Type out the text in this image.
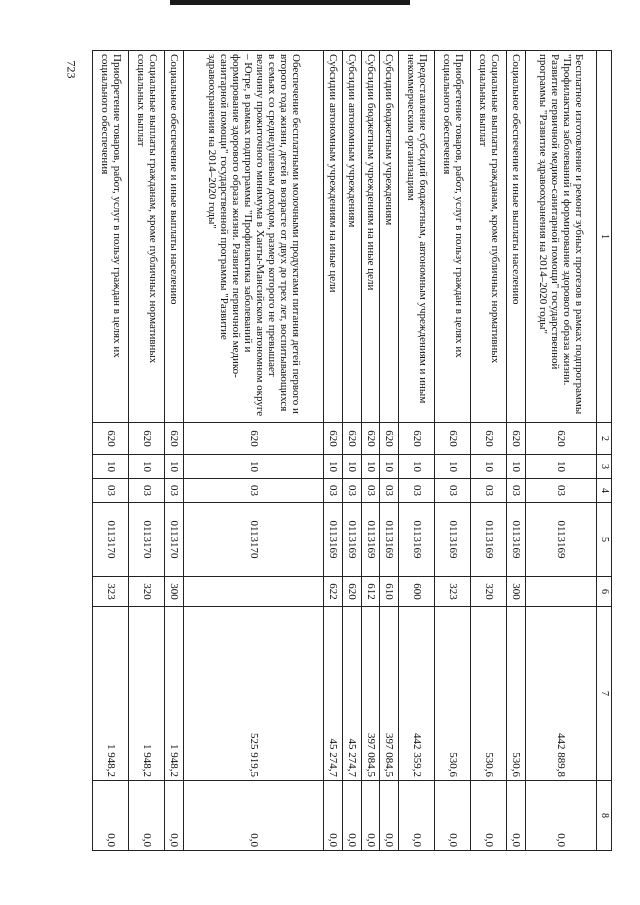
723
1	2	3	4	5	6	7	8
Бесплатное изготовление и ремонт зубных протезов в рамках подпрограммы "Профилактика заболеваний и формирование здорового образа жизни. Развитие первичной медико-санитарной помощи" государственной программы "Развитие здравоохранения на 2014–2020 годы"	620	10	03	0113169		442 889,8	0,0
Социальное обеспечение и иные выплаты населению	620	10	03	0113169	300	530,6	0,0
Социальные выплаты гражданам, кроме публичных нормативных социальных выплат	620	10	03	0113169	320	530,6	0,0
Приобретение товаров, работ, услуг в пользу граждан в целях их социального обеспечения	620	10	03	0113169	323	530,6	0,0
Предоставление субсидий бюджетным, автономным учреждениям и иным некоммерческим организациям	620	10	03	0113169	600	442 359,2	0,0
Субсидии бюджетным учреждениям	620	10	03	0113169	610	397 084,5	0,0
Субсидии бюджетным учреждениям на иные цели	620	10	03	0113169	612	397 084,5	0,0
Субсидии автономным учреждениям	620	10	03	0113169	620	45 274,7	0,0
Субсидии автономным учреждениям на иные цели	620	10	03	0113169	622	45 274,7	0,0
Обеспечение бесплатными молочными продуктами питания детей первого и второго года жизни, детей в возрасте от двух до трех лет, воспитывающихся в семьях со среднедушевым доходом, размер которого не превышает величину прожиточного минимума в Ханты-Мансийском автономном округе – Югре, в рамках подпрограммы "Профилактика заболеваний и формирование здорового образа жизни. Развитие первичной медико-санитарной помощи" государственной программы "Развитие здравоохранения на 2014–2020 годы"	620	10	03	0113170		525 919,5	0,0
Социальное обеспечение и иные выплаты населению	620	10	03	0113170	300	1 948,2	0,0
Социальные выплаты гражданам, кроме публичных нормативных социальных выплат	620	10	03	0113170	320	1 948,2	0,0
Приобретение товаров, работ, услуг в пользу граждан в целях их социального обеспечения	620	10	03	0113170	323	1 948,2	0,0
